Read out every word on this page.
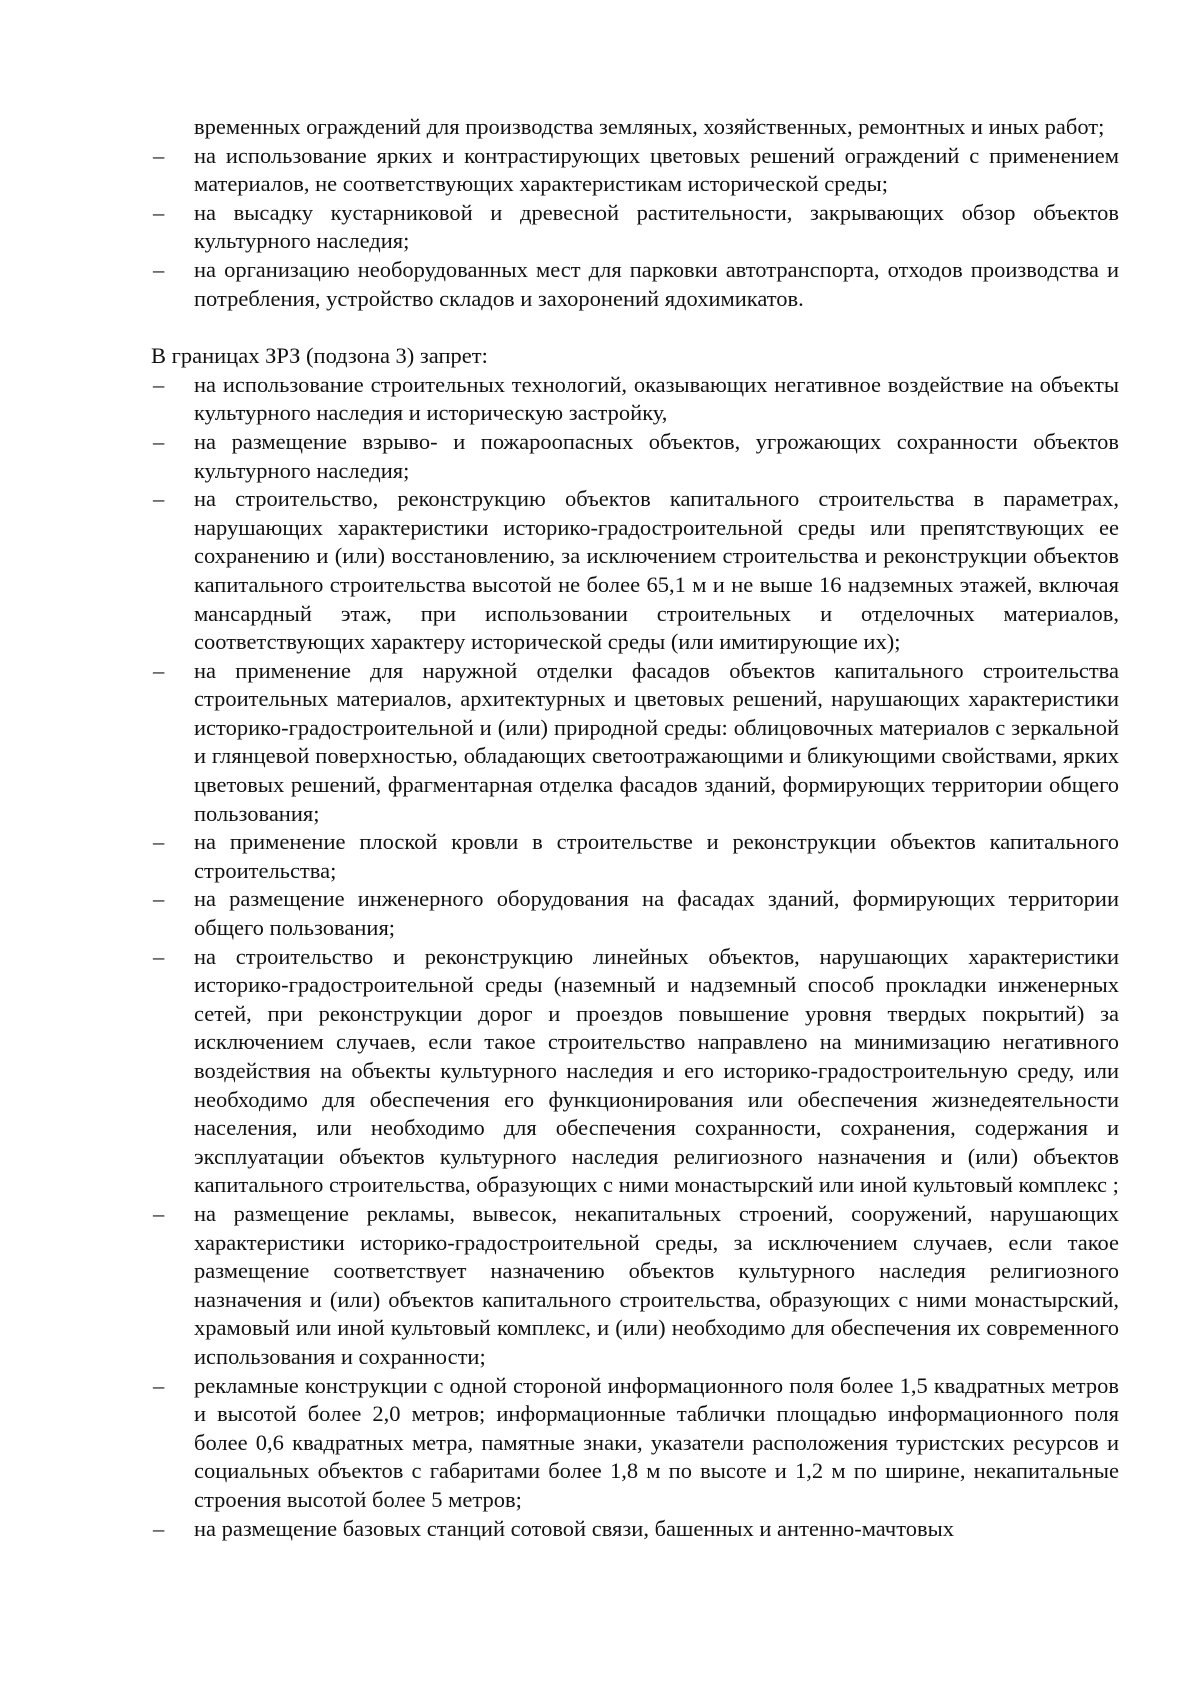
временных ограждений для производства земляных, хозяйственных, ремонтных и иных работ;

– на использование ярких и контрастирующих цветовых решений ограждений с применением материалов, не соответствующих характеристикам исторической среды;
– на высадку кустарниковой и древесной растительности, закрывающих обзор объектов культурного наследия;
– на организацию необорудованных мест для парковки автотранспорта, отходов производства и потребления, устройство складов и захоронений ядохимикатов.

В границах ЗРЗ (подзона 3) запрет:

– на использование строительных технологий, оказывающих негативное воздействие на объекты культурного наследия и историческую застройку,
– на размещение взрыво- и пожароопасных объектов, угрожающих сохранности объектов культурного наследия;
– на строительство, реконструкцию объектов капитального строительства в параметрах, нарушающих характеристики историко-градостроительной среды или препятствующих ее сохранению и (или) восстановлению, за исключением строительства и реконструкции объектов капитального строительства высотой не более 65,1 м и не выше 16 надземных этажей, включая мансардный этаж, при использовании строительных и отделочных материалов, соответствующих характеру исторической среды (или имитирующие их);
– на применение для наружной отделки фасадов объектов капитального строительства строительных материалов, архитектурных и цветовых решений, нарушающих характеристики историко-градостроительной и (или) природной среды: облицовочных материалов с зеркальной и глянцевой поверхностью, обладающих светоотражающими и бликующими свойствами, ярких цветовых решений, фрагментарная отделка фасадов зданий, формирующих территории общего пользования;
– на применение плоской кровли в строительстве и реконструкции объектов капитального строительства;
– на размещение инженерного оборудования на фасадах зданий, формирующих территории общего пользования;
– на строительство и реконструкцию линейных объектов, нарушающих характеристики историко-градостроительной среды (наземный и надземный способ прокладки инженерных сетей, при реконструкции дорог и проездов повышение уровня твердых покрытий) за исключением случаев, если такое строительство направлено на минимизацию негативного воздействия на объекты культурного наследия и его историко-градостроительную среду, или необходимо для обеспечения его функционирования или обеспечения жизнедеятельности населения, или необходимо для обеспечения сохранности, сохранения, содержания и эксплуатации объектов культурного наследия религиозного назначения и (или) объектов капитального строительства, образующих с ними монастырский или иной культовый комплекс ;
– на размещение рекламы, вывесок, некапитальных строений, сооружений, нарушающих характеристики историко-градостроительной среды, за исключением случаев, если такое размещение соответствует назначению объектов культурного наследия религиозного назначения и (или) объектов капитального строительства, образующих с ними монастырский, храмовый или иной культовый комплекс, и (или) необходимо для обеспечения их современного использования и сохранности;
– рекламные конструкции с одной стороной информационного поля более 1,5 квадратных метров и высотой более 2,0 метров; информационные таблички площадью информационного поля более 0,6 квадратных метра, памятные знаки, указатели расположения туристских ресурсов и социальных объектов с габаритами более 1,8 м по высоте и 1,2 м по ширине, некапитальные строения высотой более 5 метров;
– на размещение базовых станций сотовой связи, башенных и антенно-мачтовых
